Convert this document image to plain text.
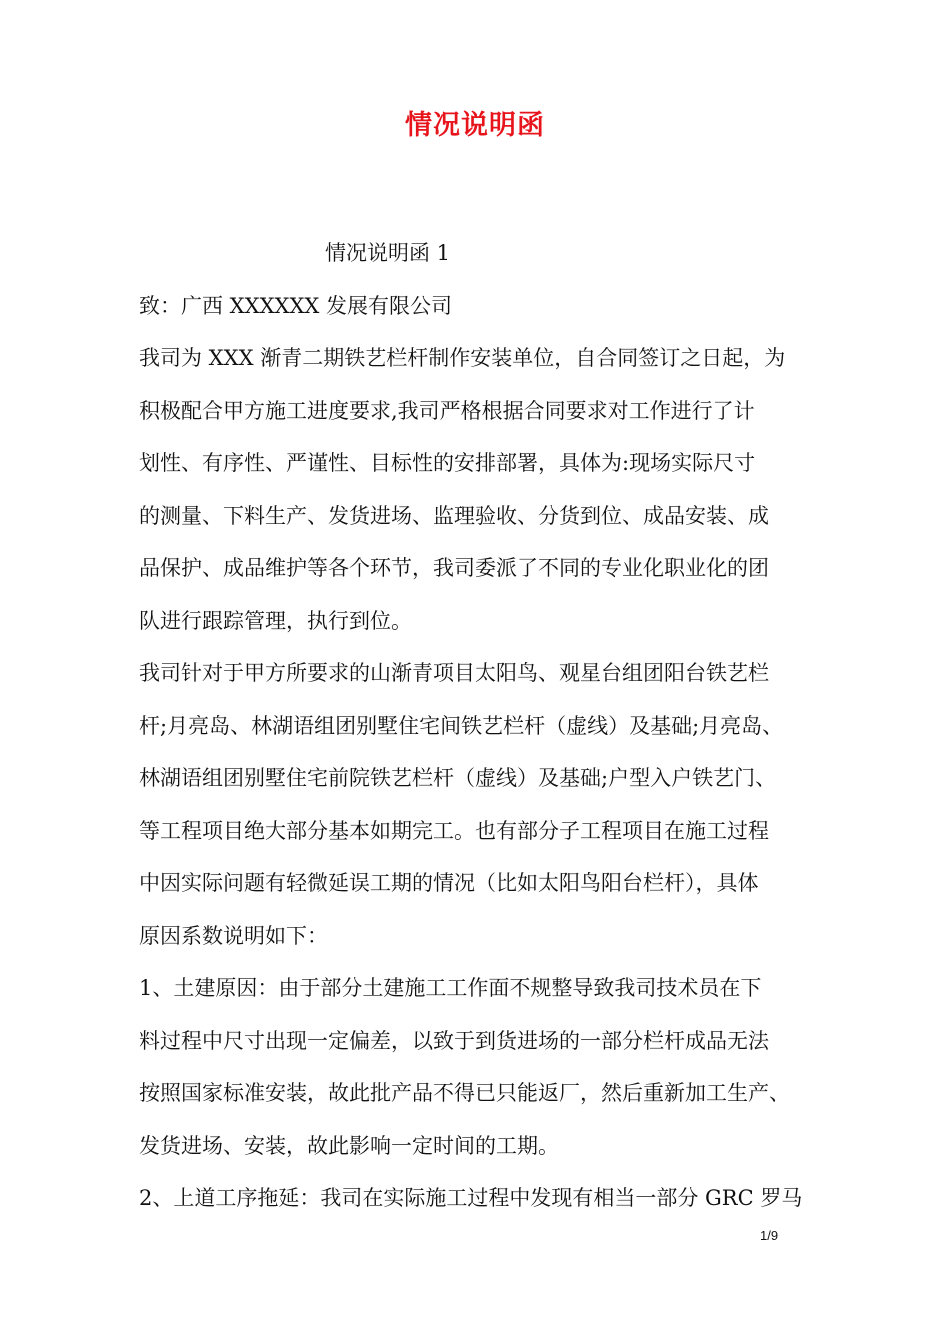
情况说明函
情况说明函 1
致：广西 XXXXXX 发展有限公司
我司为 XXX 渐青二期铁艺栏杆制作安装单位，自合同签订之日起，为
积极配合甲方施工进度要求,我司严格根据合同要求对工作进行了计
划性、有序性、严谨性、目标性的安排部署，具体为:现场实际尺寸
的测量、下料生产、发货进场、监理验收、分货到位、成品安装、成
品保护、成品维护等各个环节，我司委派了不同的专业化职业化的团
队进行跟踪管理，执行到位。
我司针对于甲方所要求的山渐青项目太阳鸟、观星台组团阳台铁艺栏
杆;月亮岛、林湖语组团别墅住宅间铁艺栏杆（虚线）及基础;月亮岛、
林湖语组团别墅住宅前院铁艺栏杆（虚线）及基础;户型入户铁艺门、
等工程项目绝大部分基本如期完工。也有部分子工程项目在施工过程
中因实际问题有轻微延误工期的情况（比如太阳鸟阳台栏杆），具体
原因系数说明如下：
1、土建原因：由于部分土建施工工作面不规整导致我司技术员在下
料过程中尺寸出现一定偏差，以致于到货进场的一部分栏杆成品无法
按照国家标准安装，故此批产品不得已只能返厂，然后重新加工生产、
发货进场、安装，故此影响一定时间的工期。
2、上道工序拖延：我司在实际施工过程中发现有相当一部分 GRC 罗马
1/9
